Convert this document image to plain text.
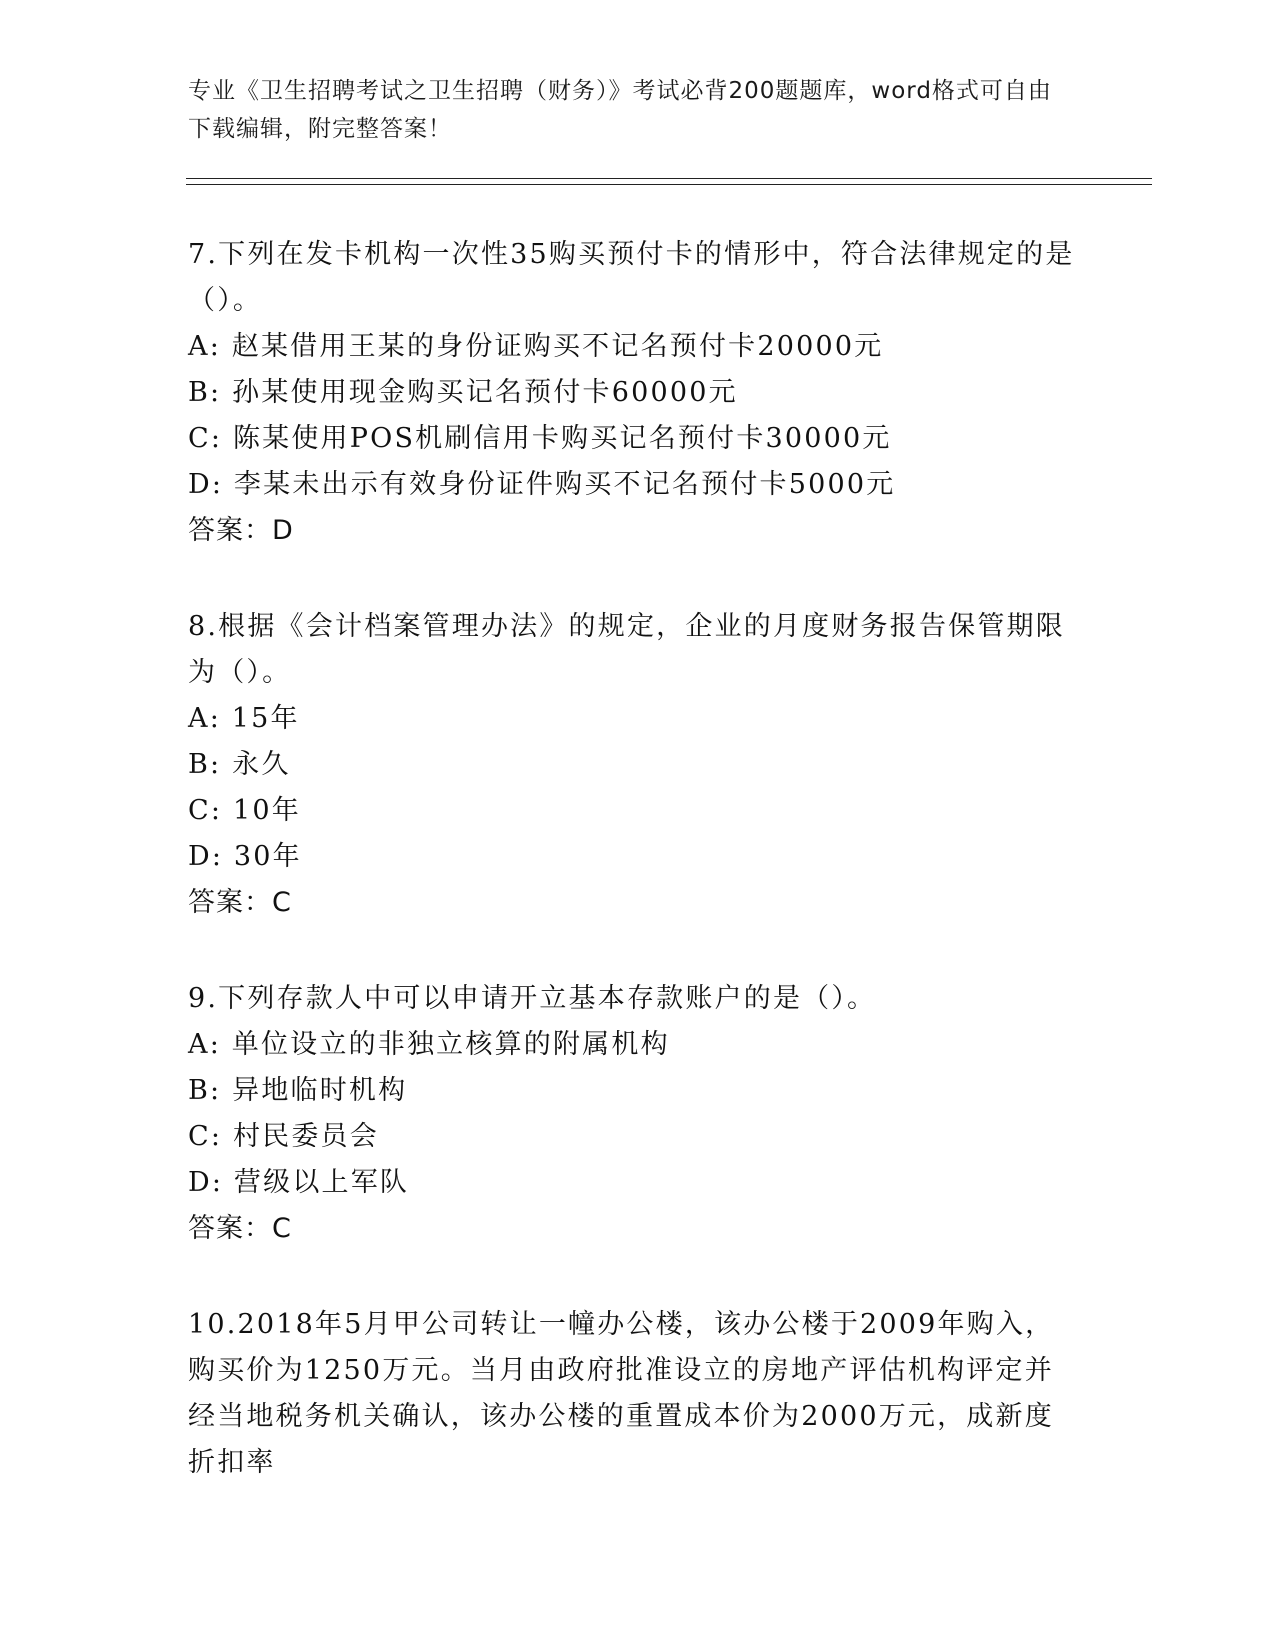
专业《卫生招聘考试之卫生招聘（财务）》考试必背200题题库，word格式可自由下载编辑，附完整答案！
7.下列在发卡机构一次性35购买预付卡的情形中，符合法律规定的是（）。
A: 赵某借用王某的身份证购买不记名预付卡20000元
B: 孙某使用现金购买记名预付卡60000元
C: 陈某使用POS机刷信用卡购买记名预付卡30000元
D: 李某未出示有效身份证件购买不记名预付卡5000元
答案：D
8.根据《会计档案管理办法》的规定，企业的月度财务报告保管期限为（）。
A: 15年
B: 永久
C: 10年
D: 30年
答案：C
9.下列存款人中可以申请开立基本存款账户的是（）。
A: 单位设立的非独立核算的附属机构
B: 异地临时机构
C: 村民委员会
D: 营级以上军队
答案：C
10.2018年5月甲公司转让一幢办公楼，该办公楼于2009年购入，购买价为1250万元。当月由政府批准设立的房地产评估机构评定并经当地税务机关确认，该办公楼的重置成本价为2000万元，成新度折扣率
